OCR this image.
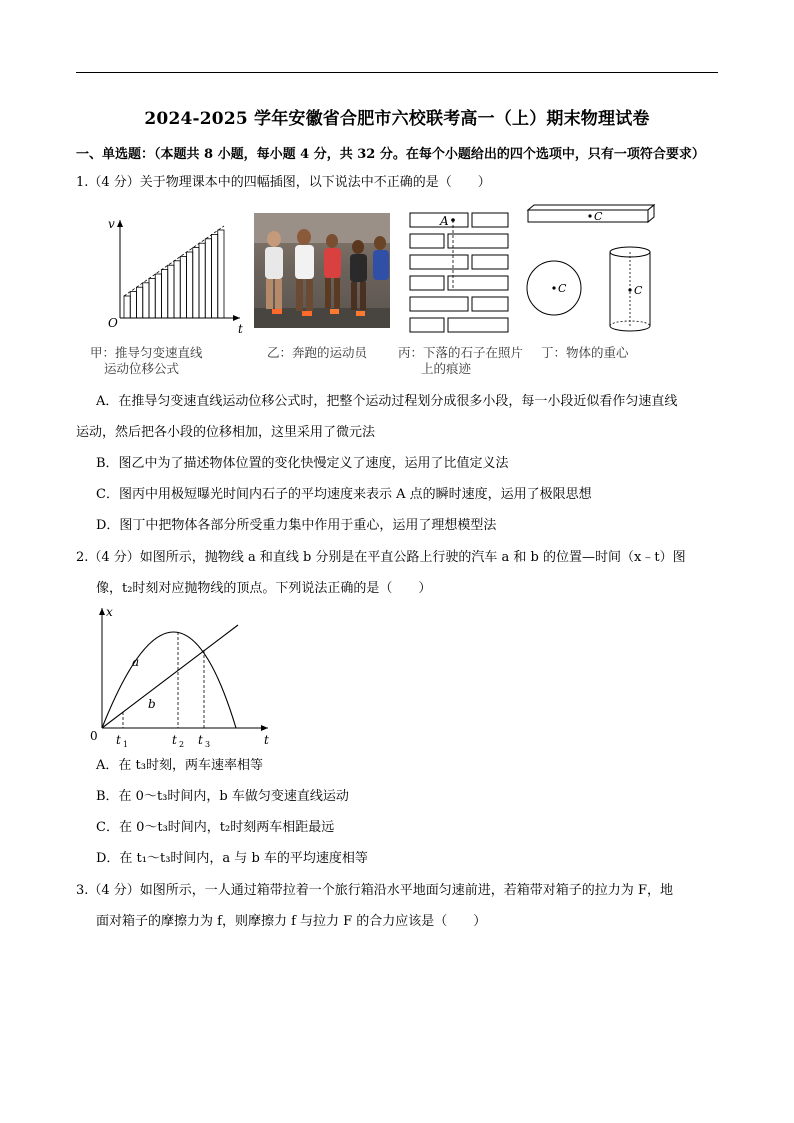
2024-2025 学年安徽省合肥市六校联考高一（上）期末物理试卷
一、单选题：（本题共 8 小题，每小题 4 分，共 32 分。在每个小题给出的四个选项中，只有一项符合要求）
1.（4 分）关于物理课本中的四幅插图，以下说法中不正确的是（　　）
v
t
O
A	C
C	C
甲：推导匀变速直线
运动位移公式
乙：奔跑的运动员 丙：下落的石子在照片
上的痕迹
丁：物体的重心
A．在推导匀变速直线运动位移公式时，把整个运动过程划分成很多小段，每一小段近似看作匀速直线
运动，然后把各小段的位移相加，这里采用了微元法
B．图乙中为了描述物体位置的变化快慢定义了速度，运用了比值定义法
C．图丙中用极短曝光时间内石子的平均速度来表示 A 点的瞬时速度，运用了极限思想
D．图丁中把物体各部分所受重力集中作用于重心，运用了理想模型法
2.（4 分）如图所示，抛物线 a 和直线 b 分别是在平直公路上行驶的汽车 a 和 b 的位置—时间（x﹣t）图
像，t₂时刻对应抛物线的顶点。下列说法正确的是（　　）
x
t
0
a
b
t 1	t 2 t 3
A．在 t₃时刻，两车速率相等
B．在 0～t₃时间内，b 车做匀变速直线运动
C．在 0～t₃时间内，t₂时刻两车相距最远
D．在 t₁～t₃时间内，a 与 b 车的平均速度相等
3.（4 分）如图所示，一人通过箱带拉着一个旅行箱沿水平地面匀速前进，若箱带对箱子的拉力为 F，地
面对箱子的摩擦力为 f，则摩擦力 f 与拉力 F 的合力应该是（　　）
